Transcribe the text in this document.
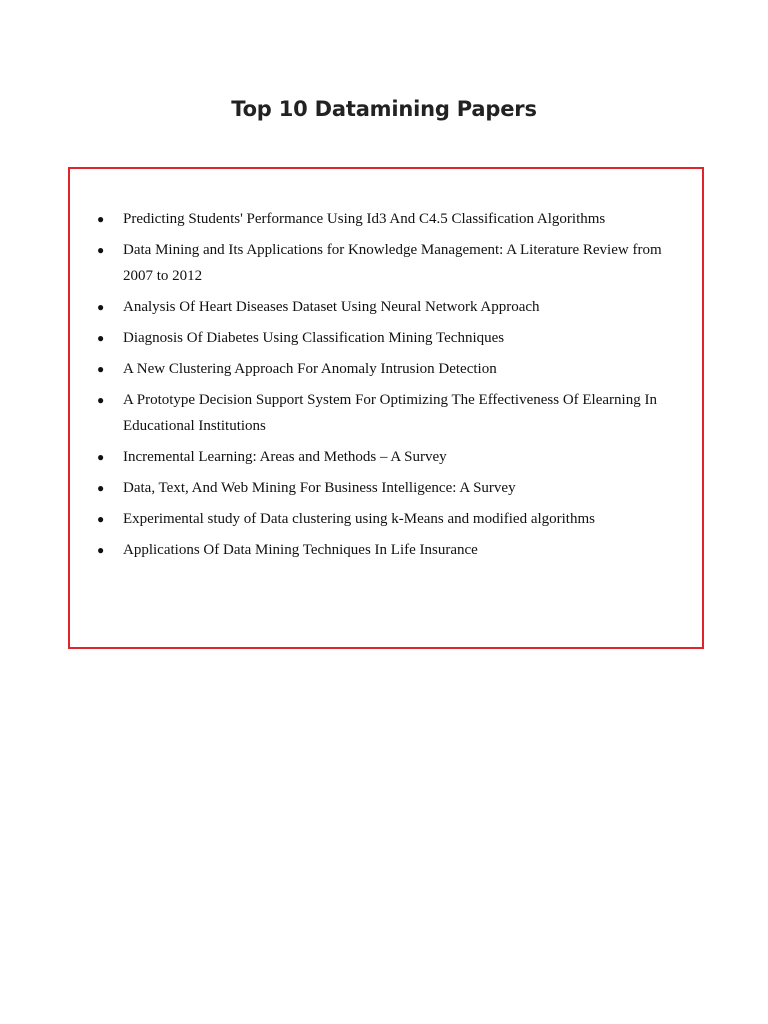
Top 10 Datamining Papers
● Predicting Students' Performance Using Id3 And C4.5 Classification Algorithms
● Data Mining and Its Applications for Knowledge Management: A Literature Review from 2007 to 2012
● Analysis Of Heart Diseases Dataset Using Neural Network Approach
● Diagnosis Of Diabetes Using Classification Mining Techniques
● A New Clustering Approach For Anomaly Intrusion Detection
● A Prototype Decision Support System For Optimizing The Effectiveness Of Elearning In Educational Institutions
● Incremental Learning: Areas and Methods – A Survey
● Data, Text, And Web Mining For Business Intelligence: A Survey
● Experimental study of Data clustering using k-Means and modified algorithms
● Applications Of Data Mining Techniques In Life Insurance
